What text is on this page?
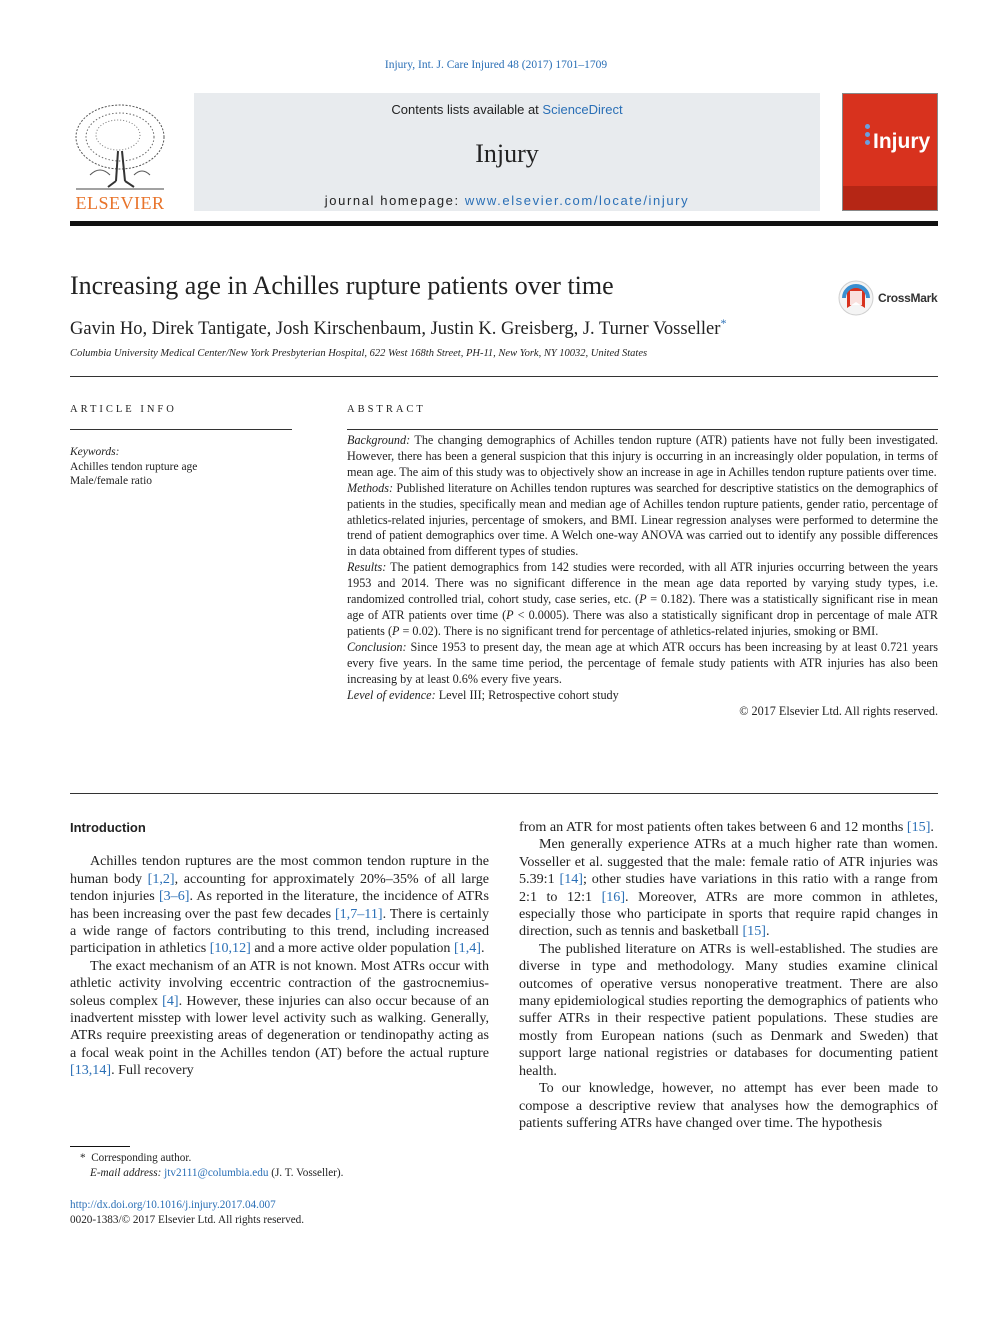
Injury, Int. J. Care Injured 48 (2017) 1701–1709
ELSEVIER
Contents lists available at ScienceDirect
Injury
journal homepage: www.elsevier.com/locate/injury
Injury
Increasing age in Achilles rupture patients over time	CrossMark
Gavin Ho, Direk Tantigate, Josh Kirschenbaum, Justin K. Greisberg, J. Turner Vosseller*
Columbia University Medical Center/New York Presbyterian Hospital, 622 West 168th Street, PH-11, New York, NY 10032, United States
ARTICLE INFO
Keywords:
Achilles tendon rupture age
Male/female ratio
ABSTRACT
Background: The changing demographics of Achilles tendon rupture (ATR) patients have not fully been investigated. However, there has been a general suspicion that this injury is occurring in an increasingly older population, in terms of mean age. The aim of this study was to objectively show an increase in age in Achilles tendon rupture patients over time.
Methods: Published literature on Achilles tendon ruptures was searched for descriptive statistics on the demographics of patients in the studies, specifically mean and median age of Achilles tendon rupture patients, gender ratio, percentage of athletics-related injuries, percentage of smokers, and BMI. Linear regression analyses were performed to determine the trend of patient demographics over time. A Welch one-way ANOVA was carried out to identify any possible differences in data obtained from different types of studies.
Results: The patient demographics from 142 studies were recorded, with all ATR injuries occurring between the years 1953 and 2014. There was no significant difference in the mean age data reported by varying study types, i.e. randomized controlled trial, cohort study, case series, etc. (P = 0.182). There was a statistically significant rise in mean age of ATR patients over time (P < 0.0005). There was also a statistically significant drop in percentage of male ATR patients (P = 0.02). There is no significant trend for percentage of athletics-related injuries, smoking or BMI.
Conclusion: Since 1953 to present day, the mean age at which ATR occurs has been increasing by at least 0.721 years every five years. In the same time period, the percentage of female study patients with ATR injuries has also been increasing by at least 0.6% every five years.
Level of evidence: Level III; Retrospective cohort study
© 2017 Elsevier Ltd. All rights reserved.
Introduction

Achilles tendon ruptures are the most common tendon rupture in the human body [1,2], accounting for approximately 20%–35% of all large tendon injuries [3–6]. As reported in the literature, the incidence of ATRs has been increasing over the past few decades [1,7–11]. There is certainly a wide range of factors contributing to this trend, including increased participation in athletics [10,12] and a more active older population [1,4].

The exact mechanism of an ATR is not known. Most ATRs occur with athletic activity involving eccentric contraction of the gastrocnemius-soleus complex [4]. However, these injuries can also occur because of an inadvertent misstep with lower level activity such as walking. Generally, ATRs require preexisting areas of degeneration or tendinopathy acting as a focal weak point in the Achilles tendon (AT) before the actual rupture [13,14]. Full recovery

from an ATR for most patients often takes between 6 and 12 months [15].

Men generally experience ATRs at a much higher rate than women. Vosseller et al. suggested that the male: female ratio of ATR injuries was 5.39:1 [14]; other studies have variations in this ratio with a range from 2:1 to 12:1 [16]. Moreover, ATRs are more common in athletes, especially those who participate in sports that require rapid changes in direction, such as tennis and basketball [15].

The published literature on ATRs is well-established. The studies are diverse in type and methodology. Many studies examine clinical outcomes of operative versus nonoperative treatment. There are also many epidemiological studies reporting the demographics of patients who suffer ATRs in their respective patient populations. These studies are mostly from European nations (such as Denmark and Sweden) that support large national registries or databases for documenting patient health.

To our knowledge, however, no attempt has ever been made to compose a descriptive review that analyses how the demographics of patients suffering ATRs have changed over time. The hypothesis

* Corresponding author.
E-mail address: jtv2111@columbia.edu (J. T. Vosseller).
http://dx.doi.org/10.1016/j.injury.2017.04.007
0020-1383/© 2017 Elsevier Ltd. All rights reserved.
